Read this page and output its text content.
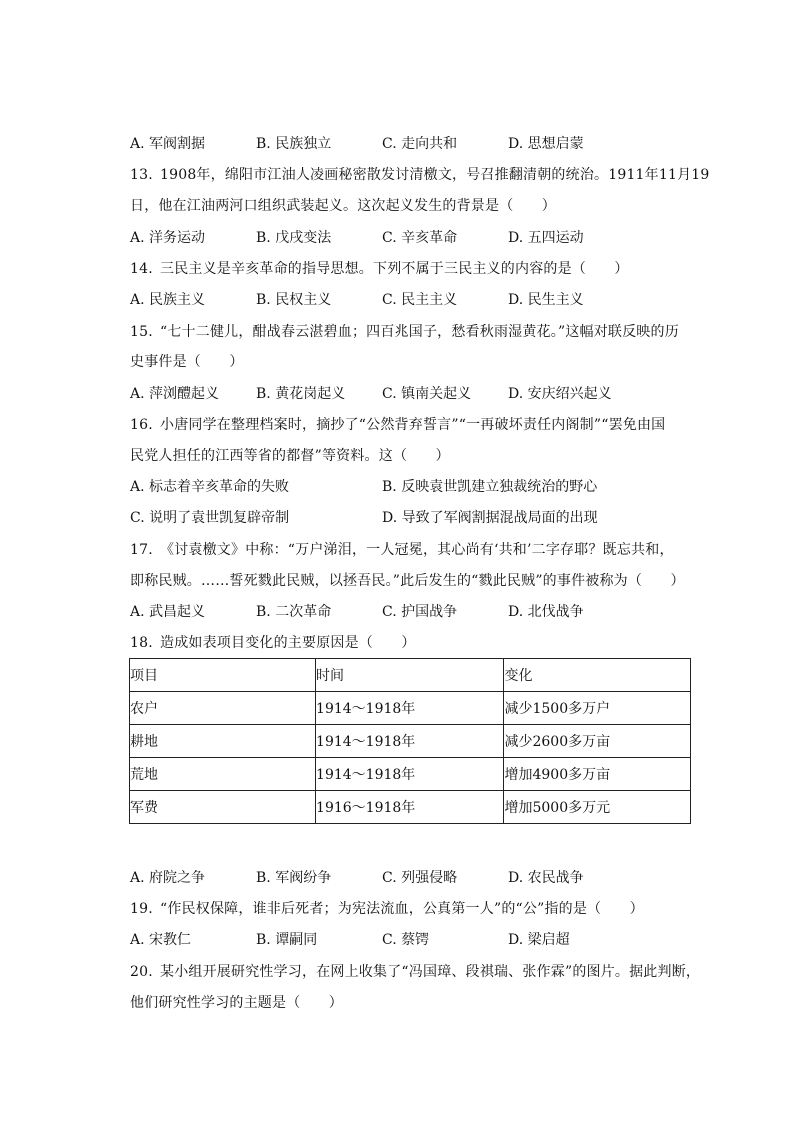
A. 军阀割据	B. 民族独立	C. 走向共和	D. 思想启蒙
13. 1908年，绵阳市江油人凌画秘密散发讨清檄文，号召推翻清朝的统治。1911年11月19
日，他在江油两河口组织武装起义。这次起义发生的背景是（　　）
A. 洋务运动	B. 戊戌变法	C. 辛亥革命	D. 五四运动
14. 三民主义是辛亥革命的指导思想。下列不属于三民主义的内容的是（　　）
A. 民族主义	B. 民权主义	C. 民主主义	D. 民生主义
15. “七十二健儿，酣战春云湛碧血；四百兆国子，愁看秋雨湿黄花。”这幅对联反映的历
史事件是（　　）
A. 萍浏醴起义	B. 黄花岗起义	C. 镇南关起义	D. 安庆绍兴起义
16. 小唐同学在整理档案时，摘抄了“公然背弃誓言”“一再破坏责任内阁制”“罢免由国
民党人担任的江西等省的都督”等资料。这（　　）
A. 标志着辛亥革命的失败	B. 反映袁世凯建立独裁统治的野心
C. 说明了袁世凯复辟帝制	D. 导致了军阀割据混战局面的出现
17. 《讨袁檄文》中称：“万户涕泪，一人冠冕，其心尚有‘共和’二字存耶？既忘共和，
即称民贼。……誓死戮此民贼，以拯吾民。”此后发生的“戮此民贼”的事件被称为（　　）
A. 武昌起义	B. 二次革命	C. 护国战争	D. 北伐战争
18. 造成如表项目变化的主要原因是（　　）
项目	时间	变化
农户	1914～1918年	减少1500多万户
耕地	1914～1918年	减少2600多万亩
荒地	1914～1918年	增加4900多万亩
军费	1916～1918年	增加5000多万元
A. 府院之争	B. 军阀纷争	C. 列强侵略	D. 农民战争
19. “作民权保障，谁非后死者；为宪法流血，公真第一人”的“公”指的是（　　）
A. 宋教仁	B. 谭嗣同	C. 蔡锷	D. 梁启超
20. 某小组开展研究性学习，在网上收集了“冯国璋、段祺瑞、张作霖”的图片。据此判断，
他们研究性学习的主题是（　　）
